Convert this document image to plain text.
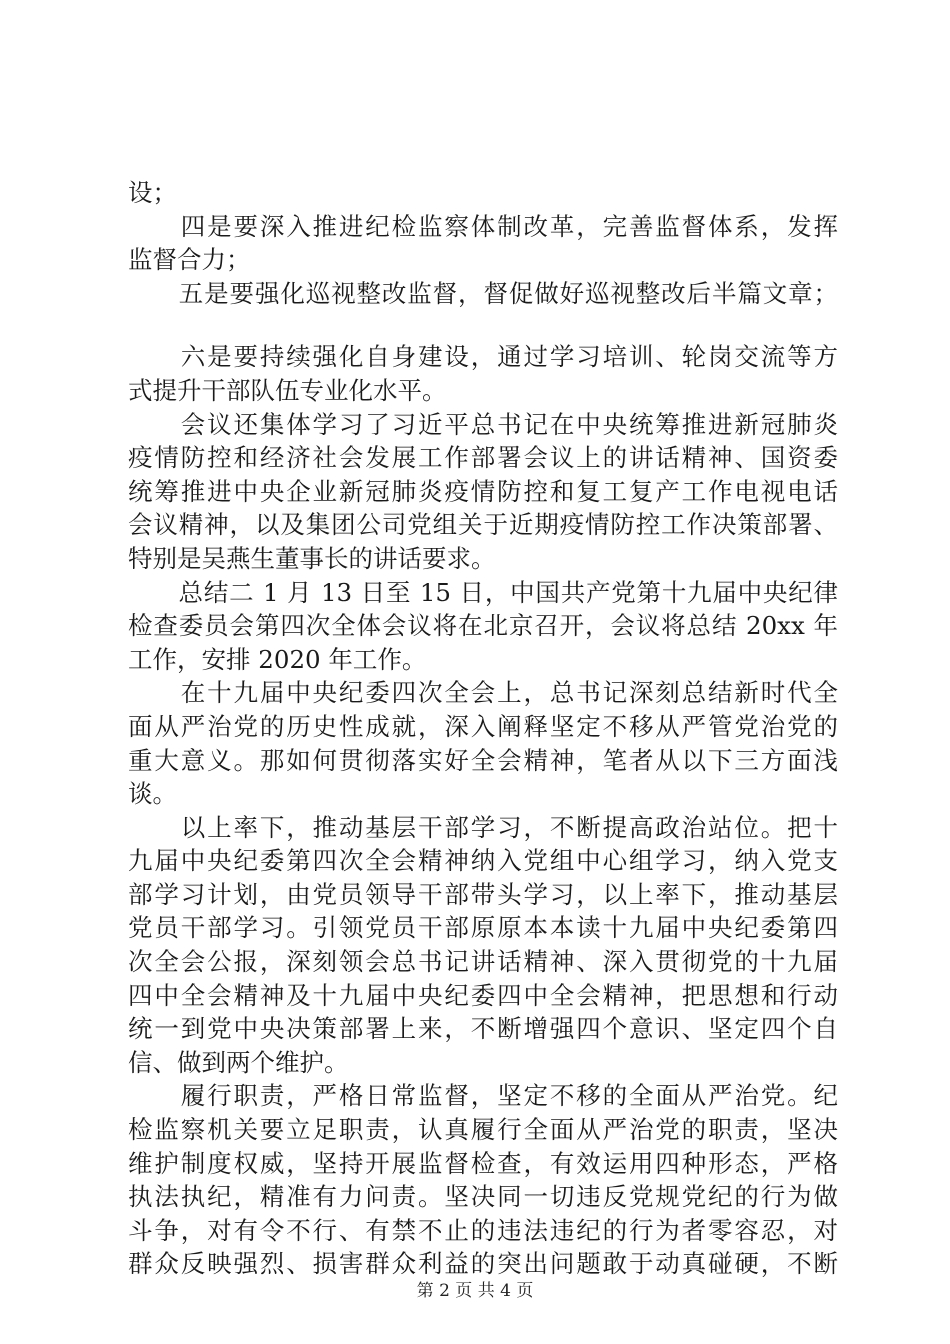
设；
　　四是要深入推进纪检监察体制改革，完善监督体系，发挥
监督合力；
　　五是要强化巡视整改监督，督促做好巡视整改后半篇文章；
　　六是要持续强化自身建设，通过学习培训、轮岗交流等方
式提升干部队伍专业化水平。
　　会议还集体学习了习近平总书记在中央统筹推进新冠肺炎
疫情防控和经济社会发展工作部署会议上的讲话精神、国资委
统筹推进中央企业新冠肺炎疫情防控和复工复产工作电视电话
会议精神，以及集团公司党组关于近期疫情防控工作决策部署、
特别是吴燕生董事长的讲话要求。
　　总结二 1 月 13 日至 15 日，中国共产党第十九届中央纪律
检查委员会第四次全体会议将在北京召开，会议将总结 20xx 年
工作，安排 2020 年工作。
　　在十九届中央纪委四次全会上，总书记深刻总结新时代全
面从严治党的历史性成就，深入阐释坚定不移从严管党治党的
重大意义。那如何贯彻落实好全会精神，笔者从以下三方面浅
谈。
　　以上率下，推动基层干部学习，不断提高政治站位。把十
九届中央纪委第四次全会精神纳入党组中心组学习，纳入党支
部学习计划，由党员领导干部带头学习，以上率下，推动基层
党员干部学习。引领党员干部原原本本读十九届中央纪委第四
次全会公报，深刻领会总书记讲话精神、深入贯彻党的十九届
四中全会精神及十九届中央纪委四中全会精神，把思想和行动
统一到党中央决策部署上来，不断增强四个意识、坚定四个自
信、做到两个维护。
　　履行职责，严格日常监督，坚定不移的全面从严治党。纪
检监察机关要立足职责，认真履行全面从严治党的职责，坚决
维护制度权威，坚持开展监督检查，有效运用四种形态，严格
执法执纪，精准有力问责。坚决同一切违反党规党纪的行为做
斗争，对有令不行、有禁不止的违法违纪的行为者零容忍，对
群众反映强烈、损害群众利益的突出问题敢于动真碰硬，不断
第 2 页 共 4 页
